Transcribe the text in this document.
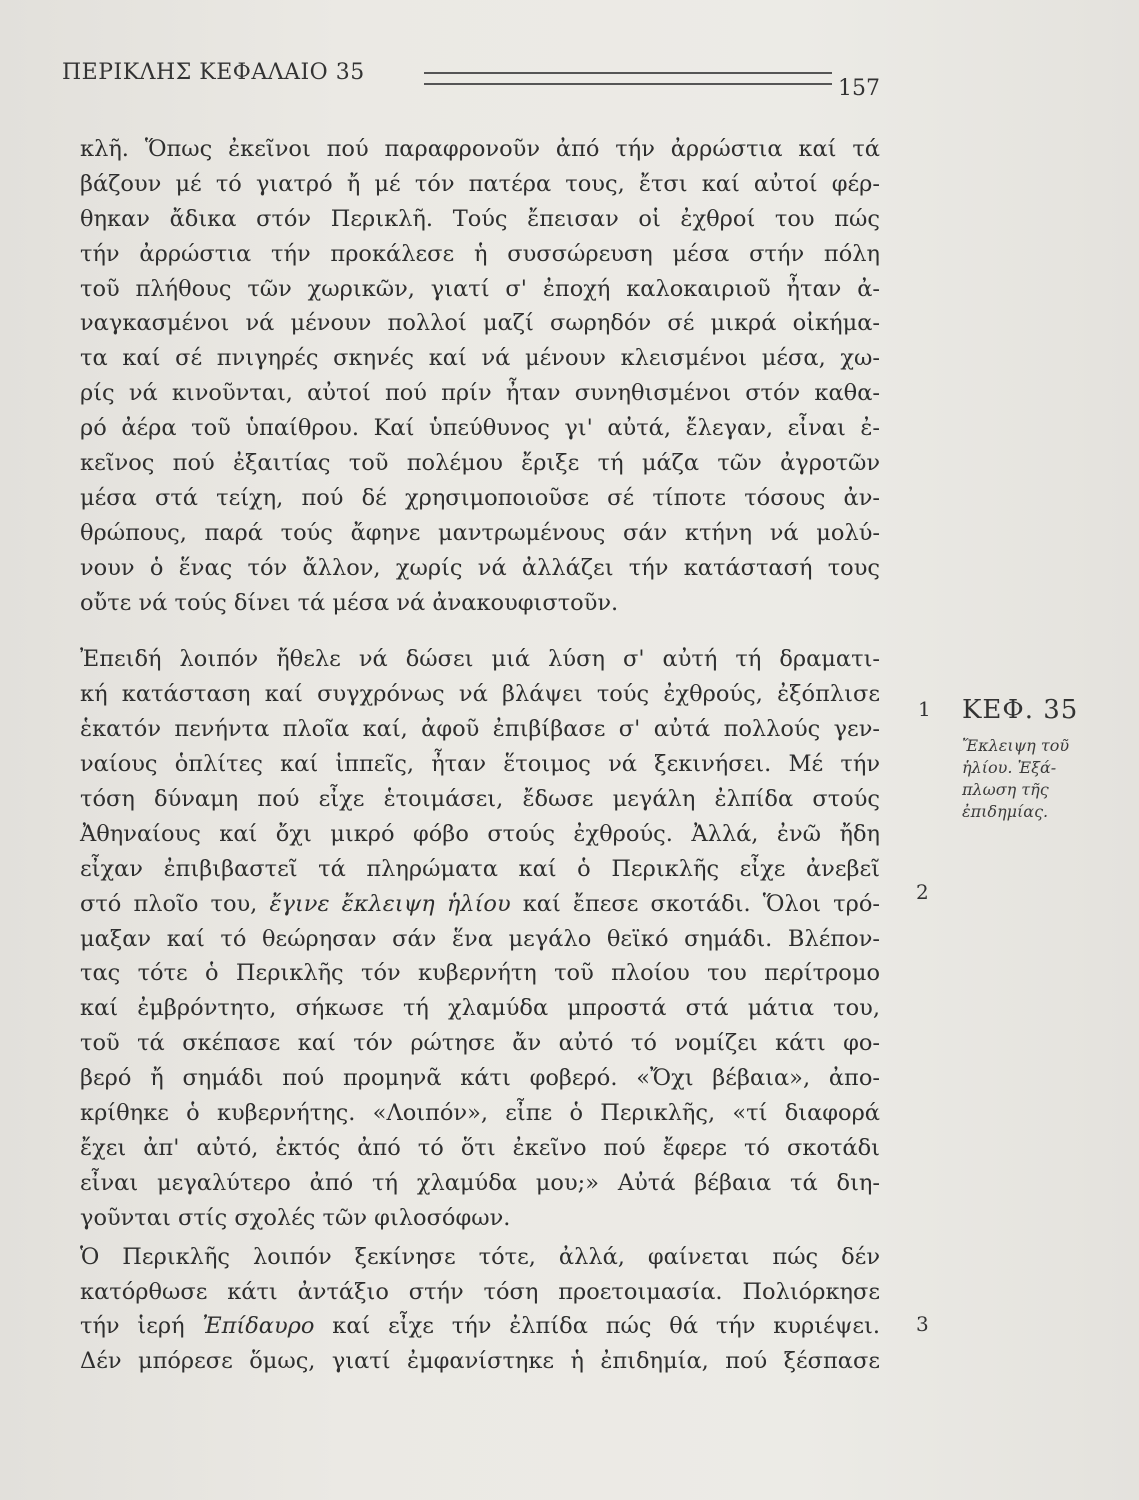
ΠΕΡΙΚΛΗΣ ΚΕΦΑΛΑΙΟ 35
157
κλῆ. Ὅπως ἐκεῖνοι πού παραφρονοῦν ἀπό τήν ἀρρώστια καί τά
βάζουν μέ τό γιατρό ἤ μέ τόν πατέρα τους, ἔτσι καί αὐτοί φέρ-
θηκαν ἄδικα στόν Περικλῆ. Τούς ἔπεισαν οἱ ἐχθροί του πώς
τήν ἀρρώστια τήν προκάλεσε ἡ συσσώρευση μέσα στήν πόλη
τοῦ πλήθους τῶν χωρικῶν, γιατί σ' ἐποχή καλοκαιριοῦ ἦταν ἀ-
ναγκασμένοι νά μένουν πολλοί μαζί σωρηδόν σέ μικρά οἰκήμα-
τα καί σέ πνιγηρές σκηνές καί νά μένουν κλεισμένοι μέσα, χω-
ρίς νά κινοῦνται, αὐτοί πού πρίν ἦταν συνηθισμένοι στόν καθα-
ρό ἀέρα τοῦ ὑπαίθρου. Καί ὑπεύθυνος γι' αὐτά, ἔλεγαν, εἶναι ἐ-
κεῖνος πού ἐξαιτίας τοῦ πολέμου ἔριξε τή μάζα τῶν ἀγροτῶν
μέσα στά τείχη, πού δέ χρησιμοποιοῦσε σέ τίποτε τόσους ἀν-
θρώπους, παρά τούς ἄφηνε μαντρωμένους σάν κτήνη νά μολύ-
νουν ὁ ἕνας τόν ἄλλον, χωρίς νά ἀλλάζει τήν κατάστασή τους
οὔτε νά τούς δίνει τά μέσα νά ἀνακουφιστοῦν.
Ἐπειδή λοιπόν ἤθελε νά δώσει μιά λύση σ' αὐτή τή δραματι-
κή κατάσταση καί συγχρόνως νά βλάψει τούς ἐχθρούς, ἐξόπλισε
ἑκατόν πενήντα πλοῖα καί, ἀφοῦ ἐπιβίβασε σ' αὐτά πολλούς γεν-
ναίους ὁπλίτες καί ἱππεῖς, ἦταν ἕτοιμος νά ξεκινήσει. Μέ τήν
τόση δύναμη πού εἶχε ἑτοιμάσει, ἔδωσε μεγάλη ἐλπίδα στούς
Ἀθηναίους καί ὄχι μικρό φόβο στούς ἐχθρούς. Ἀλλά, ἐνῶ ἤδη
εἶχαν ἐπιβιβαστεῖ τά πληρώματα καί ὁ Περικλῆς εἶχε ἀνεβεῖ
στό πλοῖο του, ἔγινε ἔκλειψη ἡλίου καί ἔπεσε σκοτάδι. Ὅλοι τρό-
μαξαν καί τό θεώρησαν σάν ἕνα μεγάλο θεϊκό σημάδι. Βλέπον-
τας τότε ὁ Περικλῆς τόν κυβερνήτη τοῦ πλοίου του περίτρομο
καί ἐμβρόντητο, σήκωσε τή χλαμύδα μπροστά στά μάτια του,
τοῦ τά σκέπασε καί τόν ρώτησε ἄν αὐτό τό νομίζει κάτι φο-
βερό ἤ σημάδι πού προμηνᾶ κάτι φοβερό. «Ὄχι βέβαια», ἀπο-
κρίθηκε ὁ κυβερνήτης. «Λοιπόν», εἶπε ὁ Περικλῆς, «τί διαφορά
ἔχει ἀπ' αὐτό, ἐκτός ἀπό τό ὅτι ἐκεῖνο πού ἔφερε τό σκοτάδι
εἶναι μεγαλύτερο ἀπό τή χλαμύδα μου;» Αὐτά βέβαια τά διη-
γοῦνται στίς σχολές τῶν φιλοσόφων.
Ὁ Περικλῆς λοιπόν ξεκίνησε τότε, ἀλλά, φαίνεται πώς δέν
κατόρθωσε κάτι ἀντάξιο στήν τόση προετοιμασία. Πολιόρκησε
τήν ἱερή Ἐπίδαυρο καί εἶχε τήν ἐλπίδα πώς θά τήν κυριέψει.
Δέν μπόρεσε ὅμως, γιατί ἐμφανίστηκε ἡ ἐπιδημία, πού ξέσπασε
1
2
3
ΚΕΦ. 35
Ἔκλειψη τοῦ
ἡλίου. Ἐξά-
πλωση τῆς
ἐπιδημίας.
